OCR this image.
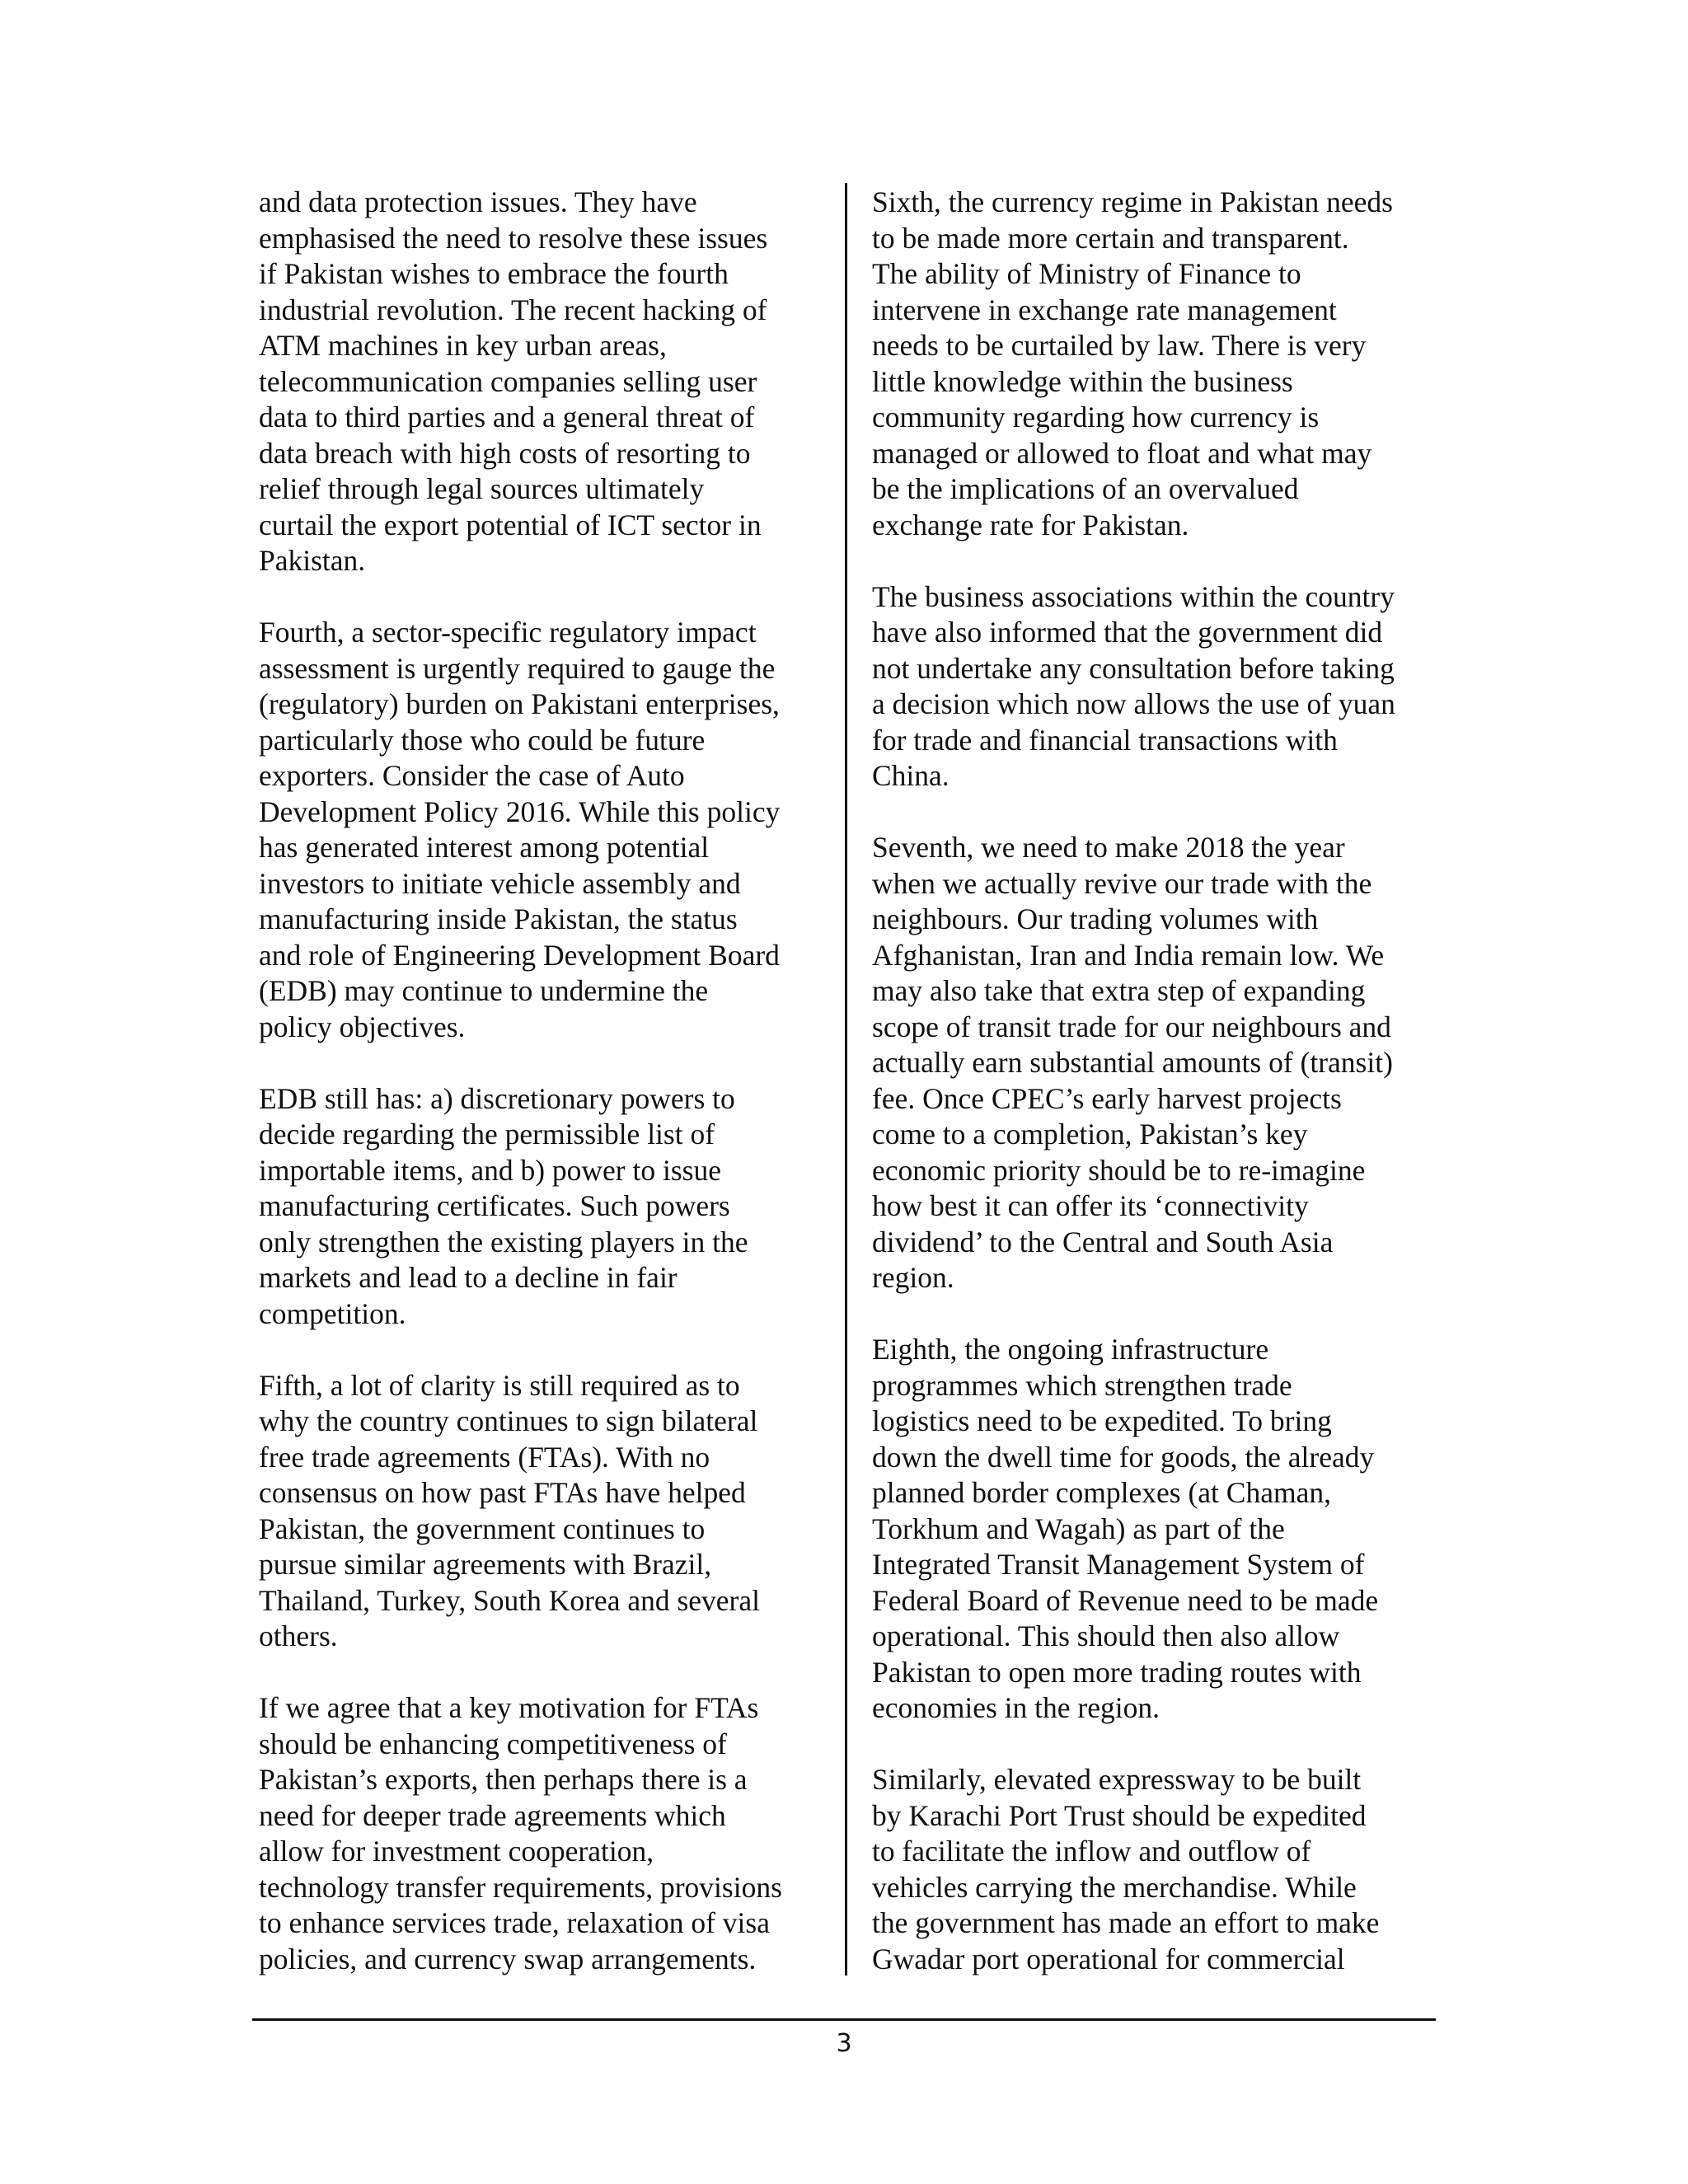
and data protection issues. They have
emphasised the need to resolve these issues
if Pakistan wishes to embrace the fourth
industrial revolution. The recent hacking of
ATM machines in key urban areas,
telecommunication companies selling user
data to third parties and a general threat of
data breach with high costs of resorting to
relief through legal sources ultimately
curtail the export potential of ICT sector in
Pakistan.

Fourth, a sector-specific regulatory impact
assessment is urgently required to gauge the
(regulatory) burden on Pakistani enterprises,
particularly those who could be future
exporters. Consider the case of Auto
Development Policy 2016. While this policy
has generated interest among potential
investors to initiate vehicle assembly and
manufacturing inside Pakistan, the status
and role of Engineering Development Board
(EDB) may continue to undermine the
policy objectives.

EDB still has: a) discretionary powers to
decide regarding the permissible list of
importable items, and b) power to issue
manufacturing certificates. Such powers
only strengthen the existing players in the
markets and lead to a decline in fair
competition.

Fifth, a lot of clarity is still required as to
why the country continues to sign bilateral
free trade agreements (FTAs). With no
consensus on how past FTAs have helped
Pakistan, the government continues to
pursue similar agreements with Brazil,
Thailand, Turkey, South Korea and several
others.

If we agree that a key motivation for FTAs
should be enhancing competitiveness of
Pakistan’s exports, then perhaps there is a
need for deeper trade agreements which
allow for investment cooperation,
technology transfer requirements, provisions
to enhance services trade, relaxation of visa
policies, and currency swap arrangements.

Sixth, the currency regime in Pakistan needs
to be made more certain and transparent.
The ability of Ministry of Finance to
intervene in exchange rate management
needs to be curtailed by law. There is very
little knowledge within the business
community regarding how currency is
managed or allowed to float and what may
be the implications of an overvalued
exchange rate for Pakistan.

The business associations within the country
have also informed that the government did
not undertake any consultation before taking
a decision which now allows the use of yuan
for trade and financial transactions with
China.

Seventh, we need to make 2018 the year
when we actually revive our trade with the
neighbours. Our trading volumes with
Afghanistan, Iran and India remain low. We
may also take that extra step of expanding
scope of transit trade for our neighbours and
actually earn substantial amounts of (transit)
fee. Once CPEC’s early harvest projects
come to a completion, Pakistan’s key
economic priority should be to re-imagine
how best it can offer its ‘connectivity
dividend’ to the Central and South Asia
region.

Eighth, the ongoing infrastructure
programmes which strengthen trade
logistics need to be expedited. To bring
down the dwell time for goods, the already
planned border complexes (at Chaman,
Torkhum and Wagah) as part of the
Integrated Transit Management System of
Federal Board of Revenue need to be made
operational. This should then also allow
Pakistan to open more trading routes with
economies in the region.

Similarly, elevated expressway to be built
by Karachi Port Trust should be expedited
to facilitate the inflow and outflow of
vehicles carrying the merchandise. While
the government has made an effort to make
Gwadar port operational for commercial

3
